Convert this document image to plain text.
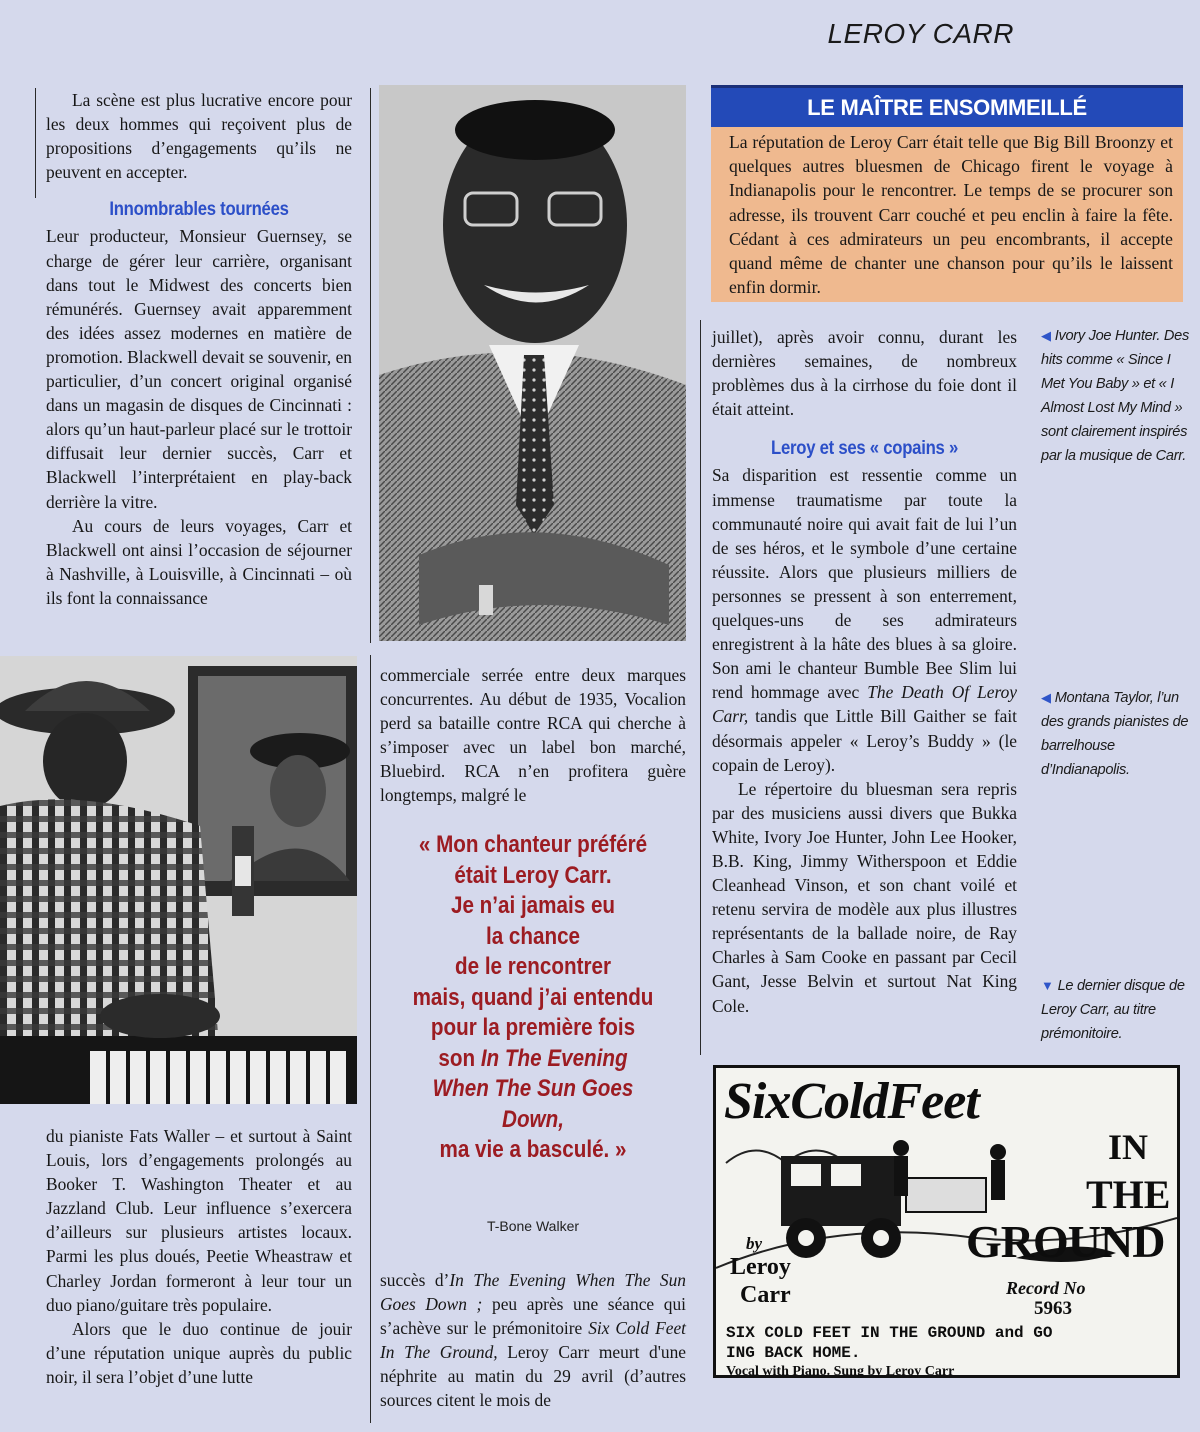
LEROY CARR

La scène est plus lucrative encore pour les deux hommes qui reçoivent plus de propositions d’engagements qu’ils ne peuvent en accepter.

Innombrables tournées

Leur producteur, Monsieur Guernsey, se charge de gérer leur carrière, organisant dans tout le Midwest des concerts bien rémunérés. Guernsey avait apparemment des idées assez modernes en matière de promotion. Blackwell devait se souvenir, en particulier, d’un concert original organisé dans un magasin de disques de Cincinnati : alors qu’un haut-parleur placé sur le trottoir diffusait leur dernier succès, Carr et Blackwell l’interprétaient en play-back derrière la vitre.

Au cours de leurs voyages, Carr et Blackwell ont ainsi l’occasion de séjourner à Nashville, à Louisville, à Cincinnati – où ils font la connaissance

du pianiste Fats Waller – et surtout à Saint Louis, lors d’engagements prolongés au Booker T. Washington Theater et au Jazzland Club. Leur influence s’exercera d’ailleurs sur plusieurs artistes locaux. Parmi les plus doués, Peetie Wheastraw et Charley Jordan formeront à leur tour un duo piano/guitare très populaire.

Alors que le duo continue de jouir d’une réputation unique auprès du public noir, il sera l’objet d’une lutte

commerciale serrée entre deux marques concurrentes. Au début de 1935, Vocalion perd sa bataille contre RCA qui cherche à s’imposer avec un label bon marché, Bluebird. RCA n’en profitera guère longtemps, malgré le

« Mon chanteur préféré
était Leroy Carr.
Je n’ai jamais eu
la chance
de le rencontrer
mais, quand j’ai entendu
pour la première fois
son In The Evening
When The Sun Goes Down,
ma vie a basculé. »
T-Bone Walker

succès d’In The Evening When The Sun Goes Down ; peu après une séance qui s’achève sur le prémonitoire Six Cold Feet In The Ground, Leroy Carr meurt d'une néphrite au matin du 29 avril (d’autres sources citent le mois de

LE MAÎTRE ENSOMMEILLÉ

La réputation de Leroy Carr était telle que Big Bill Broonzy et quelques autres bluesmen de Chicago firent le voyage à Indianapolis pour le rencontrer. Le temps de se procurer son adresse, ils trouvent Carr couché et peu enclin à faire la fête. Cédant à ces admirateurs un peu encombrants, il accepte quand même de chanter une chanson pour qu’ils le laissent enfin dormir.

juillet), après avoir connu, durant les dernières semaines, de nombreux problèmes dus à la cirrhose du foie dont il était atteint.

Leroy et ses « copains »

Sa disparition est ressentie comme un immense traumatisme par toute la communauté noire qui avait fait de lui l’un de ses héros, et le symbole d’une certaine réussite. Alors que plusieurs milliers de personnes se pressent à son enterrement, quelques-uns de ses admirateurs enregistrent à la hâte des blues à sa gloire. Son ami le chanteur Bumble Bee Slim lui rend hommage avec The Death Of Leroy Carr, tandis que Little Bill Gaither se fait désormais appeler « Leroy’s Buddy » (le copain de Leroy).

Le répertoire du bluesman sera repris par des musiciens aussi divers que Bukka White, Ivory Joe Hunter, John Lee Hooker, B.B. King, Jimmy Witherspoon et Eddie Cleanhead Vinson, et son chant voilé et retenu servira de modèle aux plus illustres représentants de la ballade noire, de Ray Charles à Sam Cooke en passant par Cecil Gant, Jesse Belvin et surtout Nat King Cole.

◀ Ivory Joe Hunter. Des hits comme « Since I Met You Baby » et « I Almost Lost My Mind » sont clairement inspirés par la musique de Carr.
◀ Montana Taylor, l’un des grands pianistes de barrelhouse d’Indianapolis.
▼ Le dernier disque de Leroy Carr, au titre prémonitoire.
SixColdFeet
IN
THE
GROUND
by
Leroy
Carr	Record No
5963
SIX COLD FEET IN THE GROUND and GO
ING BACK HOME.
Vocal with Piano. Sung by Leroy Carr
